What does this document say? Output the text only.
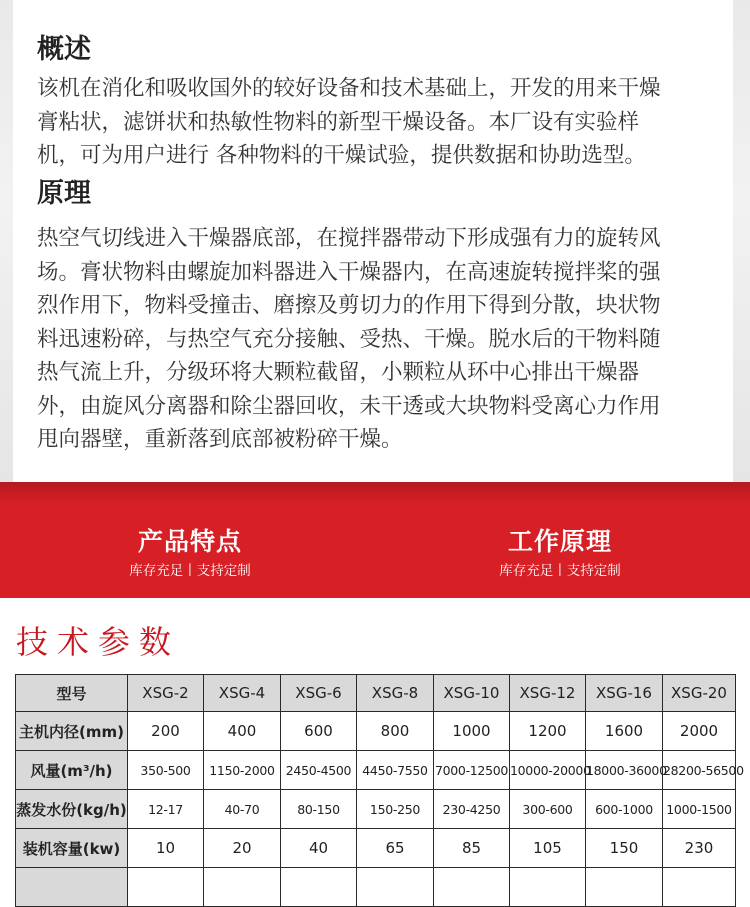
概述
该机在消化和吸收国外的较好设备和技术基础上，开发的用来干燥
膏粘状，滤饼状和热敏性物料的新型干燥设备。本厂设有实验样
机，可为用户进行 各种物料的干燥试验，提供数据和协助选型。
原理
热空气切线进入干燥器底部，在搅拌器带动下形成强有力的旋转风
场。膏状物料由螺旋加料器进入干燥器内，在高速旋转搅拌桨的强
烈作用下，物料受撞击、磨擦及剪切力的作用下得到分散，块状物
料迅速粉碎，与热空气充分接触、受热、干燥。脱水后的干物料随
热气流上升，分级环将大颗粒截留，小颗粒从环中心排出干燥器
外，由旋风分离器和除尘器回收，未干透或大块物料受离心力作用
甩向器壁，重新落到底部被粉碎干燥。
产品特点
库存充足丨支持定制
工作原理
库存充足丨支持定制
技术参数
型号	XSG-2	XSG-4	XSG-6	XSG-8	XSG-10	XSG-12	XSG-16	XSG-20
主机内径(mm)	200	400	600	800	1000	1200	1600	2000
风量(m³/h)	350-500	1150-2000	2450-4500	4450-7550	7000-12500	10000-20000	18000-36000	28200-56500
蒸发水份(kg/h)	12-17	40-70	80-150	150-250	230-4250	300-600	600-1000	1000-1500
装机容量(kw)	10	20	40	65	85	105	150	230
